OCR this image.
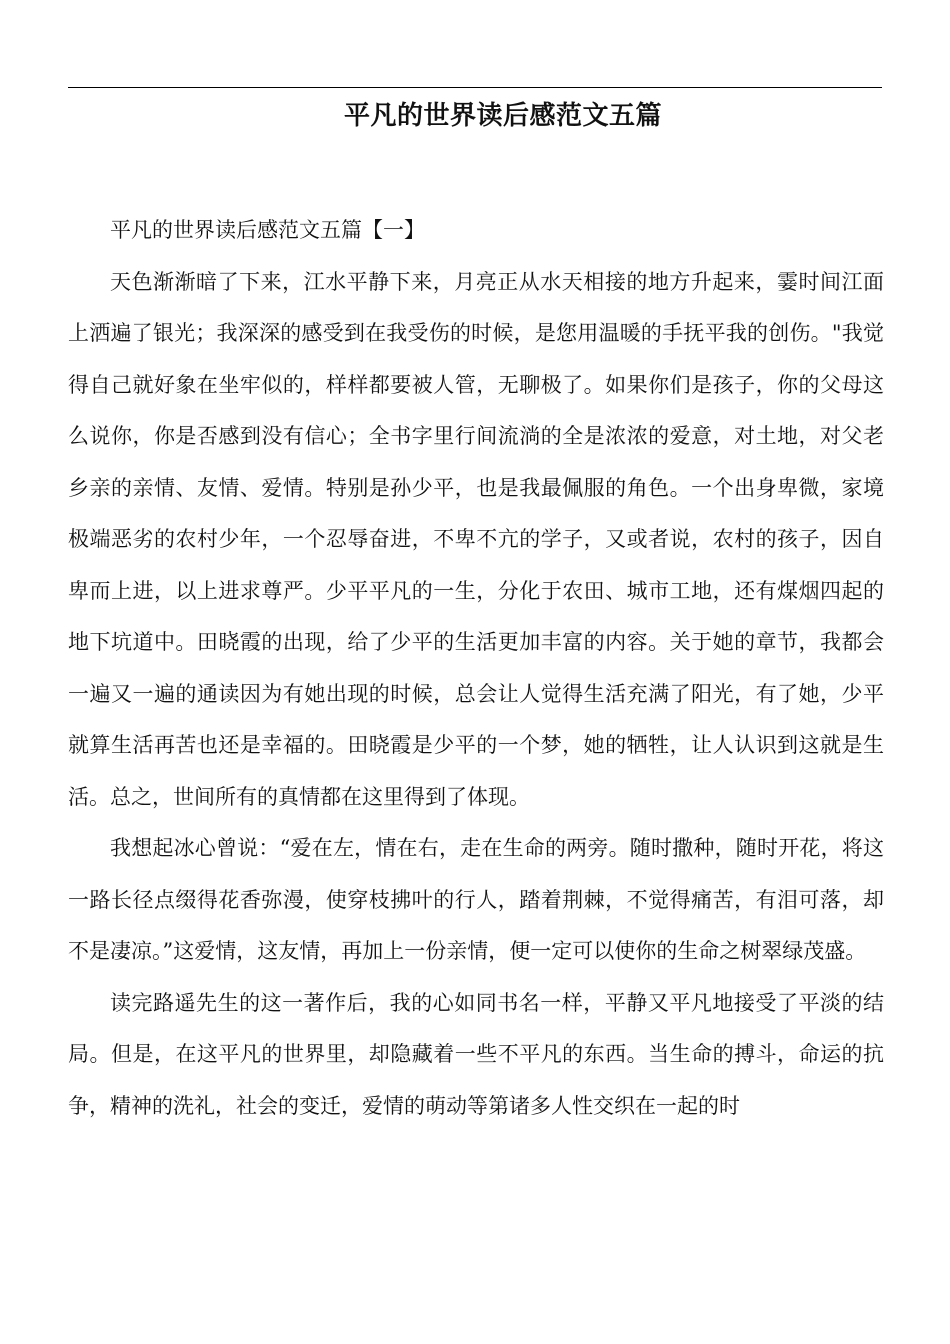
平凡的世界读后感范文五篇

平凡的世界读后感范文五篇【一】

天色渐渐暗了下来，江水平静下来，月亮正从水天相接的地方升起来，霎时间江面上洒遍了银光；我深深的感受到在我受伤的时候，是您用温暖的手抚平我的创伤。"我觉得自己就好象在坐牢似的，样样都要被人管，无聊极了。如果你们是孩子，你的父母这么说你，你是否感到没有信心；全书字里行间流淌的全是浓浓的爱意，对土地，对父老乡亲的亲情、友情、爱情。特别是孙少平，也是我最佩服的角色。一个出身卑微，家境极端恶劣的农村少年，一个忍辱奋进，不卑不亢的学子，又或者说，农村的孩子，因自卑而上进，以上进求尊严。少平平凡的一生，分化于农田、城市工地，还有煤烟四起的地下坑道中。田晓霞的出现，给了少平的生活更加丰富的内容。关于她的章节，我都会一遍又一遍的通读因为有她出现的时候，总会让人觉得生活充满了阳光，有了她，少平就算生活再苦也还是幸福的。田晓霞是少平的一个梦，她的牺牲，让人认识到这就是生活。总之，世间所有的真情都在这里得到了体现。

我想起冰心曾说：“爱在左，情在右，走在生命的两旁。随时撒种，随时开花，将这一路长径点缀得花香弥漫，使穿枝拂叶的行人，踏着荆棘，不觉得痛苦，有泪可落，却不是凄凉。”这爱情，这友情，再加上一份亲情，便一定可以使你的生命之树翠绿茂盛。

读完路遥先生的这一著作后，我的心如同书名一样，平静又平凡地接受了平淡的结局。但是，在这平凡的世界里，却隐藏着一些不平凡的东西。当生命的搏斗，命运的抗争，精神的洗礼，社会的变迁，爱情的萌动等第诸多人性交织在一起的时
